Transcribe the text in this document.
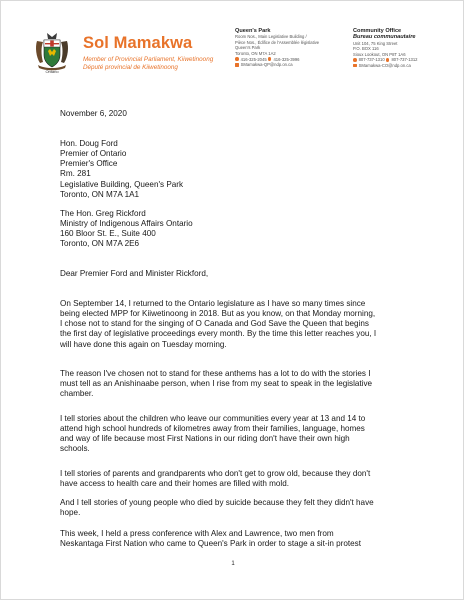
Ontario
Sol Mamakwa
Member of Provincial Parliament, Kiiwetinoong
Député provincial de Kiiwetinoong
Queen's Park
Room Nos., Main Legislative Building /
Pièce Nos., Édifice de l'Assemblée législative
Queen's Park
Toronto, ON M7A 1A2
416-325-2045 416-325-3996
SMamakwa-QP@ndp.on.ca
Community Office
Bureau communautaire
Unit 104, 75 King Street
P.O. BOX 116
Sioux Lookout, ON P8T 1A6
807-737-1310 807-737-1312
SMamakwa-CO@ndp.on.ca
November 6, 2020
Hon. Doug Ford
Premier of Ontario
Premier's Office
Rm. 281
Legislative Building, Queen's Park
Toronto, ON M7A 1A1
The Hon. Greg Rickford
Ministry of Indigenous Affairs Ontario
160 Bloor St. E., Suite 400
Toronto, ON M7A 2E6
Dear Premier Ford and Minister Rickford,
On September 14, I returned to the Ontario legislature as I have so many times since
being elected MPP for Kiiwetinoong in 2018. But as you know, on that Monday morning,
I chose not to stand for the singing of O Canada and God Save the Queen that begins
the first day of legislative proceedings every month. By the time this letter reaches you, I
will have done this again on Tuesday morning.
The reason I've chosen not to stand for these anthems has a lot to do with the stories I
must tell as an Anishinaabe person, when I rise from my seat to speak in the legislative
chamber.
I tell stories about the children who leave our communities every year at 13 and 14 to
attend high school hundreds of kilometres away from their families, language, homes
and way of life because most First Nations in our riding don't have their own high
schools.
I tell stories of parents and grandparents who don't get to grow old, because they don't
have access to health care and their homes are filled with mold.
And I tell stories of young people who died by suicide because they felt they didn't have
hope.
This week, I held a press conference with Alex and Lawrence, two men from
Neskantaga First Nation who came to Queen's Park in order to stage a sit-in protest
1
